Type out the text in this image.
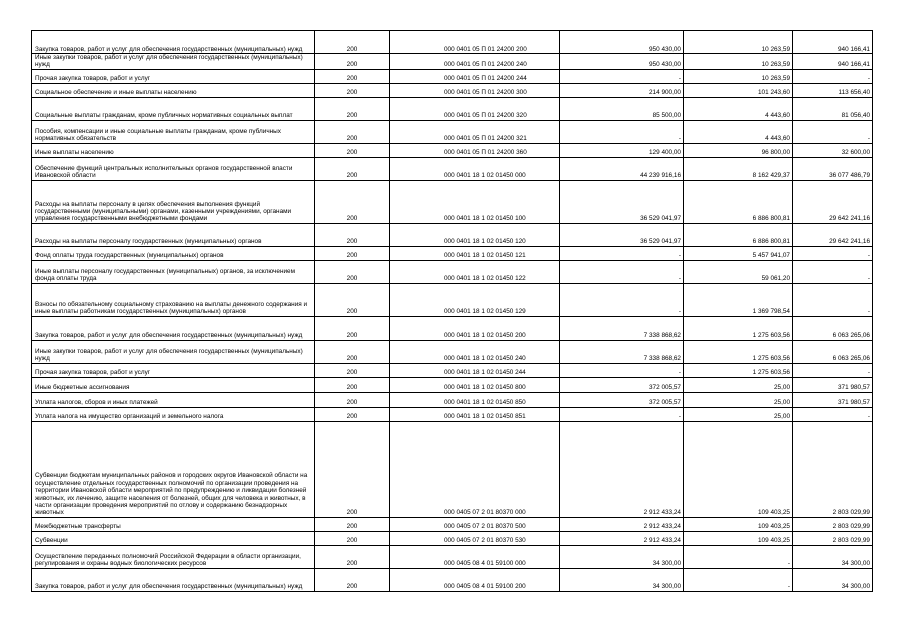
Закупка товаров, работ и услуг для обеспечения государственных (муниципальных) нужд	200	000 0401 05 П 01 24200 200	950 430,00	10 263,59	940 166,41
Иные закупки товаров, работ и услуг для обеспечения государственных (муниципальных) нужд	200	000 0401 05 П 01 24200 240	950 430,00	10 263,59	940 166,41
Прочая закупка товаров, работ и услуг	200	000 0401 05 П 01 24200 244	-	10 263,59	-
Социальное обеспечение и иные выплаты населению	200	000 0401 05 П 01 24200 300	214 900,00	101 243,60	113 656,40
Социальные выплаты гражданам, кроме публичных нормативных социальных выплат	200	000 0401 05 П 01 24200 320	85 500,00	4 443,60	81 056,40
Пособия, компенсации и иные социальные выплаты гражданам, кроме публичных нормативных обязательств	200	000 0401 05 П 01 24200 321	-	4 443,60	-
Иные выплаты населению	200	000 0401 05 П 01 24200 360	129 400,00	96 800,00	32 600,00
Обеспечение функций центральных исполнительных органов государственной власти Ивановской области	200	000 0401 18 1 02 01450 000	44 239 916,16	8 162 429,37	36 077 486,79
Расходы на выплаты персоналу в целях обеспечения выполнения функций государственными (муниципальными) органами, казенными учреждениями, органами управления государственными внебюджетными фондами	200	000 0401 18 1 02 01450 100	36 529 041,97	6 886 800,81	29 642 241,16
Расходы на выплаты персоналу государственных (муниципальных) органов	200	000 0401 18 1 02 01450 120	36 529 041,97	6 886 800,81	29 642 241,16
Фонд оплаты труда государственных (муниципальных) органов	200	000 0401 18 1 02 01450 121	-	5 457 941,07	-
Иные выплаты персоналу государственных (муниципальных) органов, за исключением фонда оплаты труда	200	000 0401 18 1 02 01450 122	-	59 061,20	-
Взносы по обязательному социальному страхованию на выплаты денежного содержания и иные выплаты работникам государственных (муниципальных) органов	200	000 0401 18 1 02 01450 129	-	1 369 798,54	-
Закупка товаров, работ и услуг для обеспечения государственных (муниципальных) нужд	200	000 0401 18 1 02 01450 200	7 338 868,62	1 275 603,56	6 063 265,06
Иные закупки товаров, работ и услуг для обеспечения государственных (муниципальных) нужд	200	000 0401 18 1 02 01450 240	7 338 868,62	1 275 603,56	6 063 265,06
Прочая закупка товаров, работ и услуг	200	000 0401 18 1 02 01450 244	-	1 275 603,56	-
Иные бюджетные ассигнования	200	000 0401 18 1 02 01450 800	372 005,57	25,00	371 980,57
Уплата налогов, сборов и иных платежей	200	000 0401 18 1 02 01450 850	372 005,57	25,00	371 980,57
Уплата налога на имущество организаций и земельного налога	200	000 0401 18 1 02 01450 851	-	25,00	-
Субвенции бюджетам муниципальных районов и городских округов Ивановской области на осуществление отдельных государственных полномочий по организации проведения на территории Ивановской области мероприятий по предупреждению и ликвидации болезней животных, их лечению, защите населения от болезней, общих для человека и животных, в части организации проведения мероприятий по отлову и содержанию безнадзорных животных	200	000 0405 07 2 01 80370 000	2 912 433,24	109 403,25	2 803 029,99
Межбюджетные трансферты	200	000 0405 07 2 01 80370 500	2 912 433,24	109 403,25	2 803 029,99
Субвенции	200	000 0405 07 2 01 80370 530	2 912 433,24	109 403,25	2 803 029,99
Осуществление переданных полномочий Российской Федерации в области организации, регулирования и охраны водных биологических ресурсов	200	000 0405 08 4 01 59100 000	34 300,00	-	34 300,00
Закупка товаров, работ и услуг для обеспечения государственных (муниципальных) нужд	200	000 0405 08 4 01 59100 200	34 300,00	-	34 300,00
